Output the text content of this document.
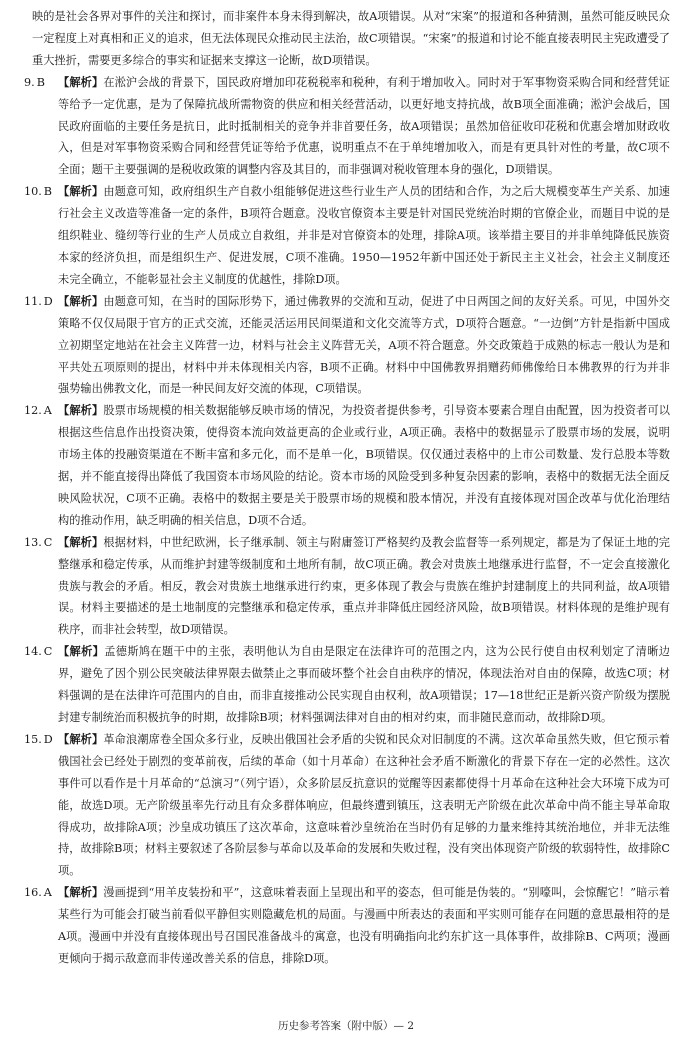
映的是社会各界对事件的关注和探讨，而非案件本身未得到解决，故A项错误。从对“宋案”的报道和各种猜测，虽然可能反映民众一定程度上对真相和正义的追求，但无法体现民众推动民主法治，故C项错误。“宋案”的报道和讨论不能直接表明民主宪政遭受了重大挫折，需要更多综合的事实和证据来支撑这一论断，故D项错误。

9. B	【解析】在淞沪会战的背景下，国民政府增加印花税税率和税种，有利于增加收入。同时对于军事物资采购合同和经营凭证等给予一定优惠，是为了保障抗战所需物资的供应和相关经营活动，以更好地支持抗战，故B项全面准确；淞沪会战后，国民政府面临的主要任务是抗日，此时抵制相关的竞争并非首要任务，故A项错误；虽然加倍征收印花税和优惠会增加财政收入，但是对军事物资采购合同和经营凭证等给予优惠，说明重点不在于单纯增加收入，而是有更具针对性的考量，故C项不全面；题干主要强调的是税收政策的调整内容及其目的，而非强调对税收管理本身的强化，D项错误。

10. B 【解析】由题意可知，政府组织生产自救小组能够促进这些行业生产人员的团结和合作，为之后大规模变革生产关系、加速行社会主义改造等准备一定的条件，B项符合题意。没收官僚资本主要是针对国民党统治时期的官僚企业，而题目中说的是组织鞋业、缝纫等行业的生产人员成立自救组，并非是对官僚资本的处理，排除A项。该举措主要目的并非单纯降低民族资本家的经济负担，而是组织生产、促进发展，C项不准确。1950—1952年新中国还处于新民主主义社会，社会主义制度还未完全确立，不能彰显社会主义制度的优越性，排除D项。

11. D 【解析】由题意可知，在当时的国际形势下，通过佛教界的交流和互动，促进了中日两国之间的友好关系。可见，中国外交策略不仅仅局限于官方的正式交流，还能灵活运用民间渠道和文化交流等方式，D项符合题意。“一边倒”方针是指新中国成立初期坚定地站在社会主义阵营一边，材料与社会主义阵营无关，A项不符合题意。外交政策趋于成熟的标志一般认为是和平共处五项原则的提出，材料中并未体现相关内容，B项不正确。材料中中国佛教界捐赠药师佛像给日本佛教界的行为并非强势输出佛教文化，而是一种民间友好交流的体现，C项错误。

12. A 【解析】股票市场规模的相关数据能够反映市场的情况，为投资者提供参考，引导资本要素合理自由配置，因为投资者可以根据这些信息作出投资决策，使得资本流向效益更高的企业或行业，A项正确。表格中的数据显示了股票市场的发展，说明市场主体的投融资渠道在不断丰富和多元化，而不是单一化，B项错误。仅仅通过表格中的上市公司数量、发行总股本等数据，并不能直接得出降低了我国资本市场风险的结论。资本市场的风险受到多种复杂因素的影响，表格中的数据无法全面反映风险状况，C项不正确。表格中的数据主要是关于股票市场的规模和股本情况，并没有直接体现对国企改革与优化治理结构的推动作用，缺乏明确的相关信息，D项不合适。

13. C 【解析】根据材料，中世纪欧洲，长子继承制、领主与附庸签订严格契约及教会监督等一系列规定，都是为了保证土地的完整继承和稳定传承，从而维护封建等级制度和土地所有制，故C项正确。教会对贵族土地继承进行监督，不一定会直接激化贵族与教会的矛盾。相反，教会对贵族土地继承进行约束，更多体现了教会与贵族在维护封建制度上的共同利益，故A项错误。材料主要描述的是土地制度的完整继承和稳定传承，重点并非降低庄园经济风险，故B项错误。材料体现的是维护现有秩序，而非社会转型，故D项错误。

14. C 【解析】孟德斯鸠在题干中的主张，表明他认为自由是限定在法律许可的范围之内，这为公民行使自由权利划定了清晰边界，避免了因个别公民突破法律界限去做禁止之事而破坏整个社会自由秩序的情况，体现法治对自由的保障，故选C项；材料强调的是在法律许可范围内的自由，而非直接推动公民实现自由权利，故A项错误；17—18世纪正是新兴资产阶级为摆脱封建专制统治而积极抗争的时期，故排除B项；材料强调法律对自由的相对约束，而非随民意而动，故排除D项。

15. D 【解析】革命浪潮席卷全国众多行业，反映出俄国社会矛盾的尖锐和民众对旧制度的不满。这次革命虽然失败，但它预示着俄国社会已经处于剧烈的变革前夜，后续的革命（如十月革命）在这种社会矛盾不断激化的背景下存在一定的必然性。这次事件可以看作是十月革命的“总演习”（列宁语），众多阶层反抗意识的觉醒等因素都使得十月革命在这种社会大环境下成为可能，故选D项。无产阶级虽率先行动且有众多群体响应，但最终遭到镇压，这表明无产阶级在此次革命中尚不能主导革命取得成功，故排除A项；沙皇成功镇压了这次革命，这意味着沙皇统治在当时仍有足够的力量来维持其统治地位，并非无法维持，故排除B项；材料主要叙述了各阶层参与革命以及革命的发展和失败过程，没有突出体现资产阶级的软弱特性，故排除C项。

16. A 【解析】漫画提到“用羊皮装扮和平”，这意味着表面上呈现出和平的姿态，但可能是伪装的。“别嚎叫，会惊醒它！”暗示着某些行为可能会打破当前看似平静但实则隐藏危机的局面。与漫画中所表达的表面和平实则可能存在问题的意思最相符的是A项。漫画中并没有直接体现出号召国民准备战斗的寓意，也没有明确指向北约东扩这一具体事件，故排除B、C两项；漫画更倾向于揭示敌意而非传递改善关系的信息，排除D项。

历史参考答案（附中版）— 2
